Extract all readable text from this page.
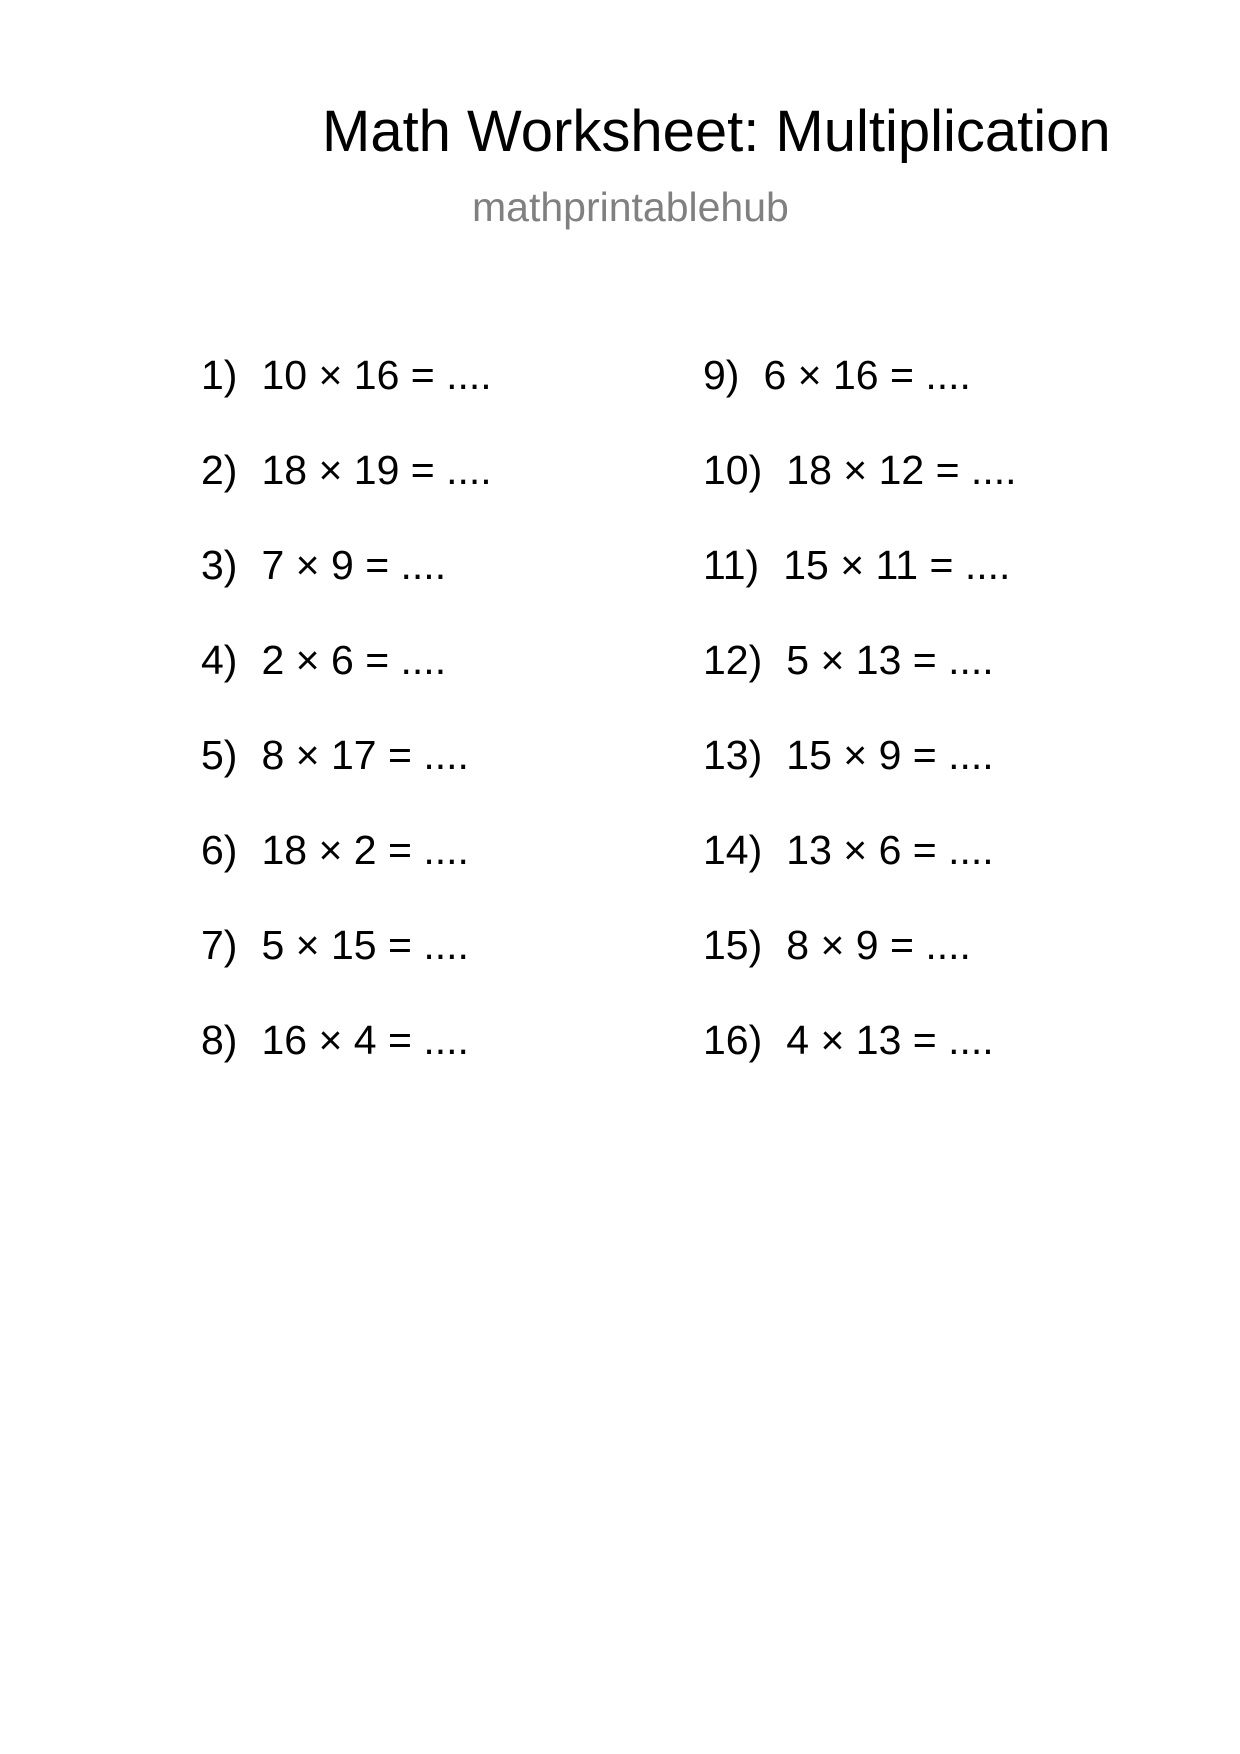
Math Worksheet: Multiplication
mathprintablehub
1) 10 × 16 = ....
2) 18 × 19 = ....
3) 7 × 9 = ....
4) 2 × 6 = ....
5) 8 × 17 = ....
6) 18 × 2 = ....
7) 5 × 15 = ....
8) 16 × 4 = ....
9) 6 × 16 = ....
10) 18 × 12 = ....
11) 15 × 11 = ....
12) 5 × 13 = ....
13) 15 × 9 = ....
14) 13 × 6 = ....
15) 8 × 9 = ....
16) 4 × 13 = ....
